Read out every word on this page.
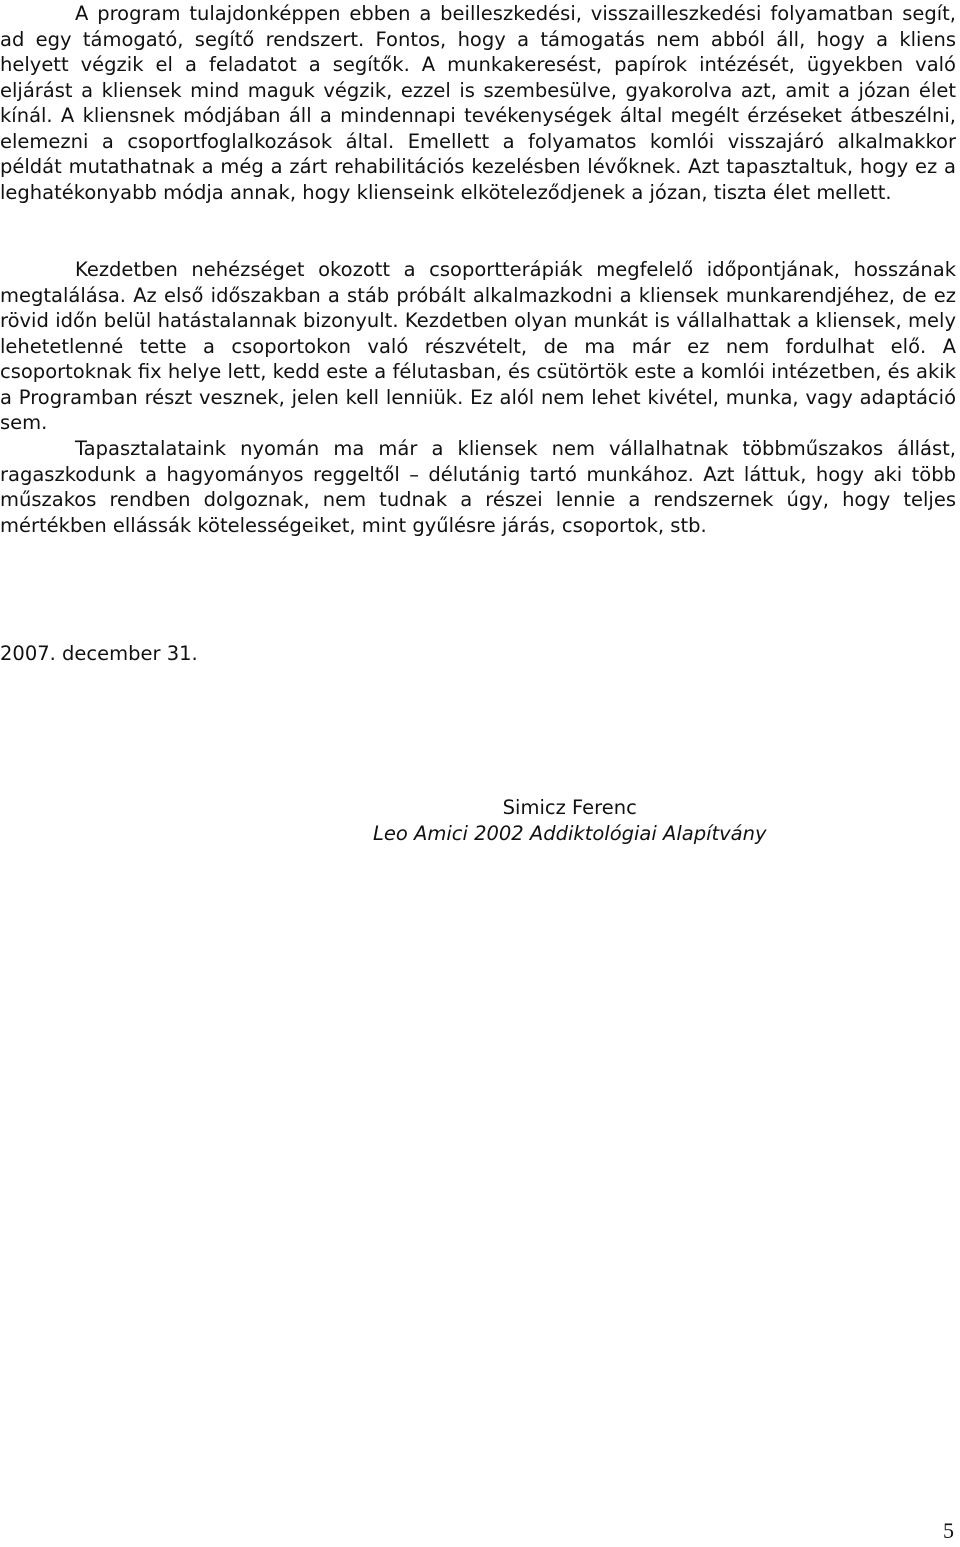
A program tulajdonképpen ebben a beilleszkedési, visszailleszkedési folyamatban segít, ad egy támogató, segítő rendszert. Fontos, hogy a támogatás nem abból áll, hogy a kliens helyett végzik el a feladatot a segítők. A munkakeresést, papírok intézését, ügyekben való eljárást a kliensek mind maguk végzik, ezzel is szembesülve, gyakorolva azt, amit a józan élet kínál. A kliensnek módjában áll a mindennapi tevékenységek által megélt érzéseket átbeszélni, elemezni a csoportfoglalkozások által. Emellett a folyamatos komlói visszajáró alkalmakkor példát mutathatnak a még a zárt rehabilitációs kezelésben lévőknek. Azt tapasztaltuk, hogy ez a leghatékonyabb módja annak, hogy klienseink elköteleződjenek a józan, tiszta élet mellett.

Kezdetben nehézséget okozott a csoportterápiák megfelelő időpontjának, hosszának megtalálása. Az első időszakban a stáb próbált alkalmazkodni a kliensek munkarendjéhez, de ez rövid időn belül hatástalannak bizonyult. Kezdetben olyan munkát is vállalhattak a kliensek, mely lehetetlenné tette a csoportokon való részvételt, de ma már ez nem fordulhat elő. A csoportoknak fix helye lett, kedd este a félutasban, és csütörtök este a komlói intézetben, és akik a Programban részt vesznek, jelen kell lenniük. Ez alól nem lehet kivétel, munka, vagy adaptáció sem.

Tapasztalataink nyomán ma már a kliensek nem vállalhatnak többműszakos állást, ragaszkodunk a hagyományos reggeltől – délutánig tartó munkához. Azt láttuk, hogy aki több műszakos rendben dolgoznak, nem tudnak a részei lennie a rendszernek úgy, hogy teljes mértékben ellássák kötelességeiket, mint gyűlésre járás, csoportok, stb.

2007. december 31.

Simicz Ferenc
Leo Amici 2002 Addiktológiai Alapítvány
5
